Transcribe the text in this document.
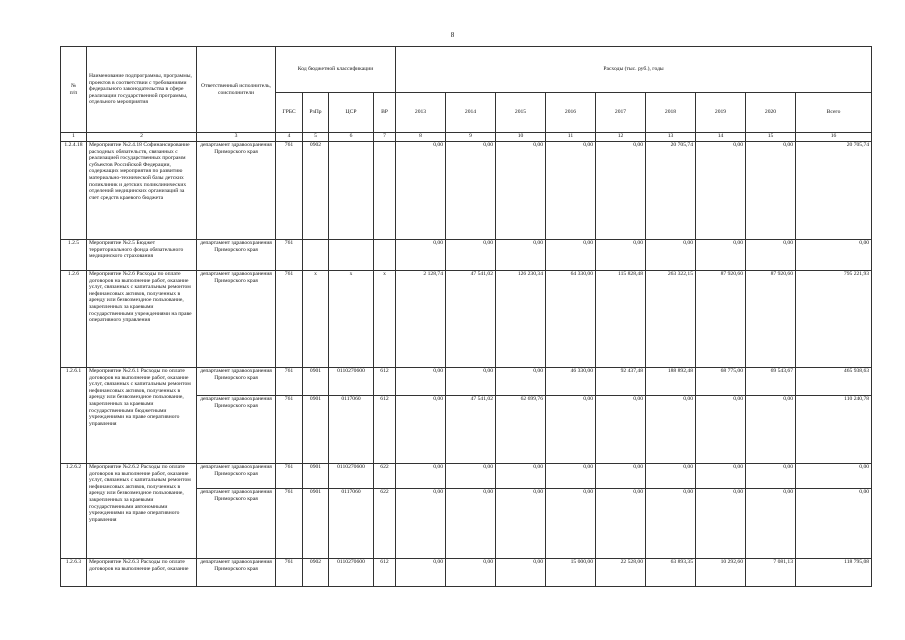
8
№
п/п	Наименование подпрограммы, программы, проектов в соответствии с требованиями федерального законодательства в сфере реализации государственной программы, отдельного мероприятия	Ответственный исполнитель, соисполнители	Код бюджетной классификации				Расходы (тыс. руб.), годы								
			ГРБС	РзПр	ЦСР	ВР	2013	2014	2015	2016	2017	2018	2019	2020	Всего
1	2	3	4	5	6	7	8	9	10	11	12	13	14	15	16
1.2.4.18	Мероприятие №2.4.18 Софинансирование расходных обязательств, связанных с реализацией государственных программ субъектов Российской Федерации, содержащих мероприятия по развитию материально-технической базы детских поликлиник и детских поликлинических отделений медицинских организаций за счет средств краевого бюджета	департамент здравоохранения Приморского края	761	0902			0,00	0,00	0,00	0,00	0,00	20 705,74	0,00	0,00	20 705,74
1.2.5	Мероприятие №2.5 Бюджет территориального фонда обязательного медицинского страхования	департамент здравоохранения Приморского края	761				0,00	0,00	0,00	0,00	0,00	0,00	0,00	0,00	0,00
1.2.6	Мероприятие №2.6 Расходы по оплате договоров на выполнение работ, оказание услуг, связанных с капитальным ремонтом нефинансовых активов, полученных в аренду или безвозмездное пользование, закрепленных за краевыми государственными учреждениями на праве оперативного управления	департамент здравоохранения Приморского края	761	x	x	x	2 128,74	47 541,02	126 230,34	64 330,00	115 828,48	263 322,15	87 920,60	87 920,60	795 221,93
1.2.6.1	Мероприятие №2.6.1 Расходы по оплате договоров на выполнение работ, оказание услуг, связанных с капитальным ремонтом нефинансовых активов, полученных в аренду или безвозмездное пользование, закрепленных за краевыми государственными бюджетными учреждениями на праве оперативного управления	департамент здравоохранения Приморского края	761	0901	0110270600	612	0,00	0,00	0,00	46 330,00	92 437,48	188 892,48	68 775,00	69 543,67	465 938,63
		департамент здравоохранения Приморского края	761	0901	0117060	612	0,00	47 541,02	62 699,76	0,00	0,00	0,00	0,00	0,00	110 240,78
1.2.6.2	Мероприятие №2.6.2 Расходы по оплате договоров на выполнение работ, оказание услуг, связанных с капитальным ремонтом нефинансовых активов, полученных в аренду или безвозмездное пользование, закрепленных за краевыми государственными автономными учреждениями на праве оперативного управления	департамент здравоохранения Приморского края	761	0901	0110270600	622	0,00	0,00	0,00	0,00	0,00	0,00	0,00	0,00	0,00
		департамент здравоохранения Приморского края	761	0901	0117060	622	0,00	0,00	0,00	0,00	0,00	0,00	0,00	0,00	0,00
1.2.6.3	Мероприятие №2.6.3 Расходы по оплате договоров на выполнение работ, оказание	департамент здравоохранения Приморского края	761	0902	0110270600	612	0,00	0,00	0,00	15 000,00	22 528,00	63 893,35	10 292,60	7 081,13	118 795,08
